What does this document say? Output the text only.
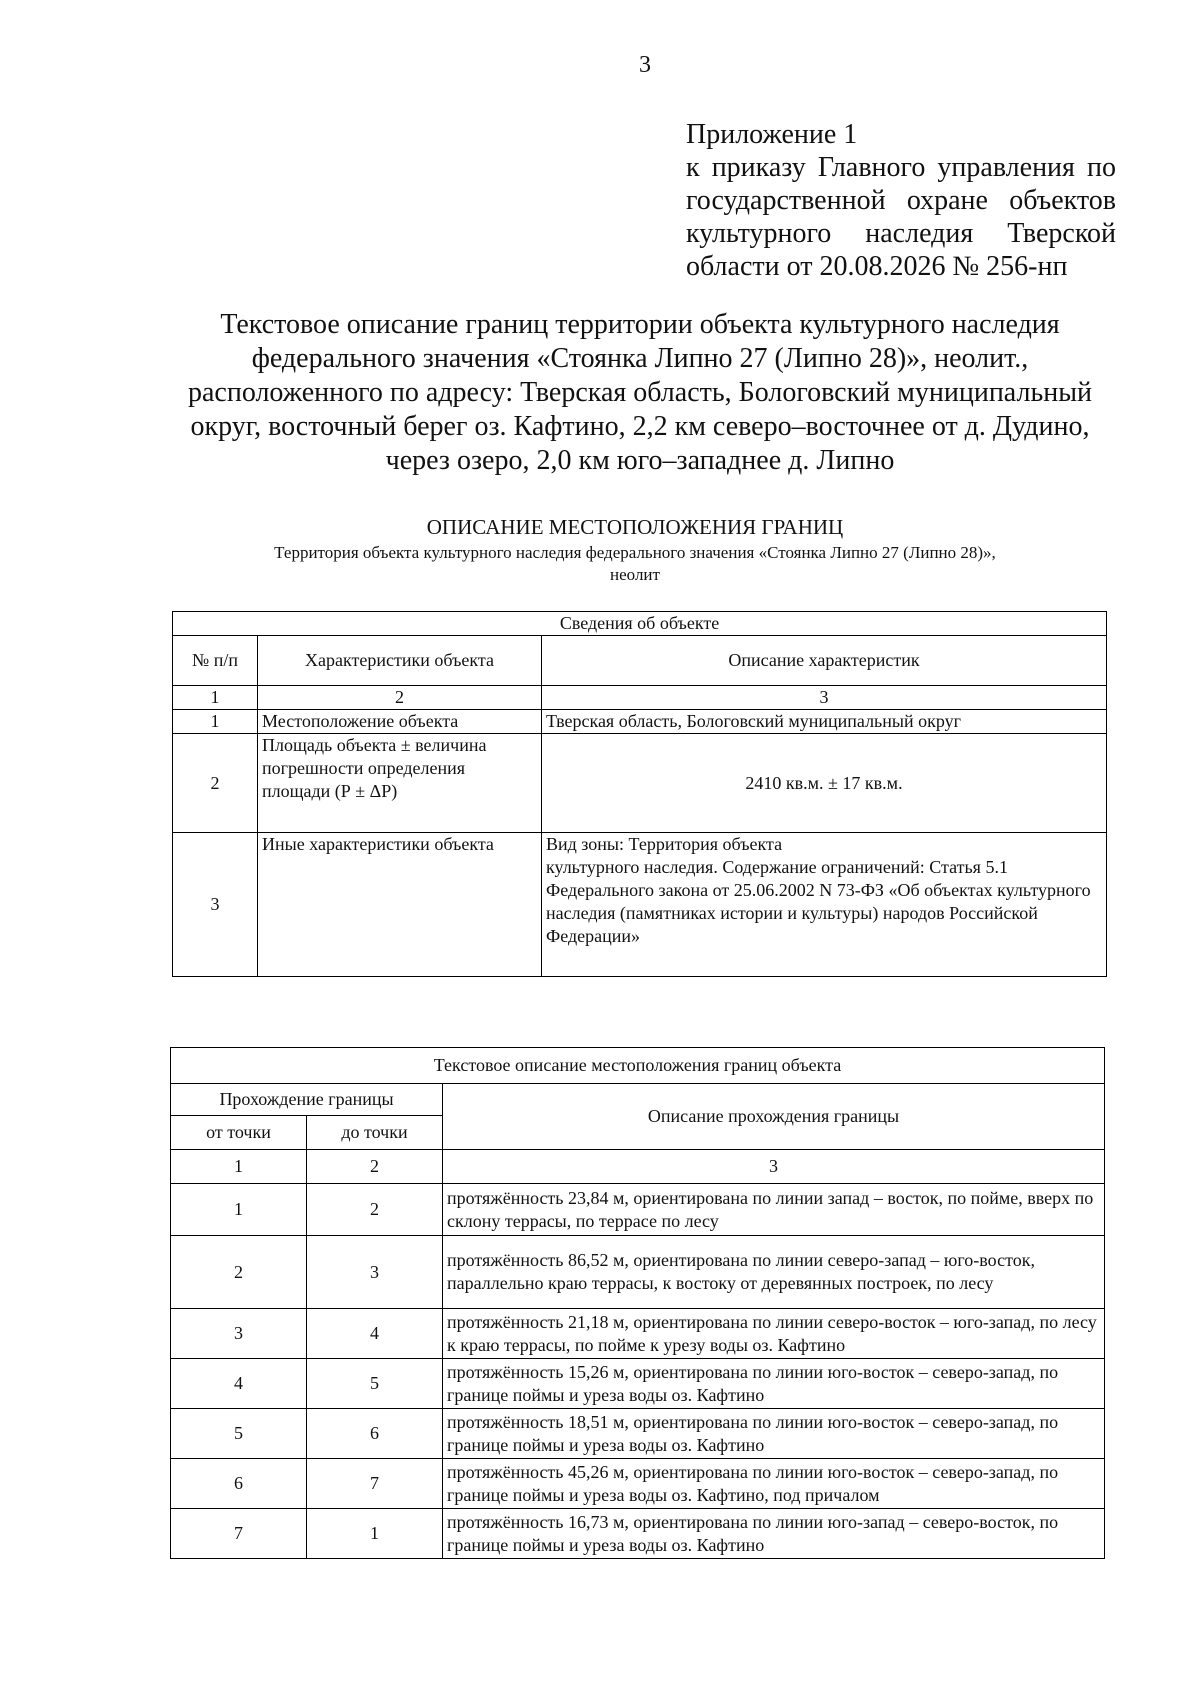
3
Приложение 1
к приказу Главного управления по государственной охране объектов культурного наследия Тверской области от 20.08.2026 № 256-нп
Текстовое описание границ территории объекта культурного наследия
федерального значения «Стоянка Липно 27 (Липно 28)», неолит.,
расположенного по адресу: Тверская область, Бологовский муниципальный
округ, восточный берег оз. Кафтино, 2,2 км северо–восточнее от д. Дудино,
через озеро, 2,0 км юго–западнее д. Липно
ОПИСАНИЕ МЕСТОПОЛОЖЕНИЯ ГРАНИЦ
Территория объекта культурного наследия федерального значения «Стоянка Липно 27 (Липно 28)»,
неолит
Сведения об объекте		
№ п/п	Характеристики объекта	Описание характеристик
1	2	3
1	Местоположение объекта	Тверская область, Бологовский муниципальный округ
2	Площадь объекта ± величина погрешности определения площади (Р ± ΔР)	2410 кв.м. ± 17 кв.м.
3	Иные характеристики объекта	Вид зоны: Территория объекта
культурного наследия. Содержание ограничений: Статья 5.1 Федерального закона от 25.06.2002 N 73-ФЗ «Об объектах культурного наследия (памятниках истории и культуры) народов Российской Федерации»
Текстовое описание местоположения границ объекта		
Прохождение границы		Описание прохождения границы
от точки	до точки	
1	2	3
1	2	протяжённость 23,84 м, ориентирована по линии запад – восток, по пойме, вверх по склону террасы, по террасе по лесу
2	3	протяжённость 86,52 м, ориентирована по линии северо-запад – юго-восток, параллельно краю террасы, к востоку от деревянных построек, по лесу
3	4	протяжённость 21,18 м, ориентирована по линии северо-восток – юго-запад, по лесу к краю террасы, по пойме к урезу воды оз. Кафтино
4	5	протяжённость 15,26 м, ориентирована по линии юго-восток – северо-запад, по границе поймы и уреза воды оз. Кафтино
5	6	протяжённость 18,51 м, ориентирована по линии юго-восток – северо-запад, по границе поймы и уреза воды оз. Кафтино
6	7	протяжённость 45,26 м, ориентирована по линии юго-восток – северо-запад, по границе поймы и уреза воды оз. Кафтино, под причалом
7	1	протяжённость 16,73 м, ориентирована по линии юго-запад – северо-восток, по границе поймы и уреза воды оз. Кафтино
